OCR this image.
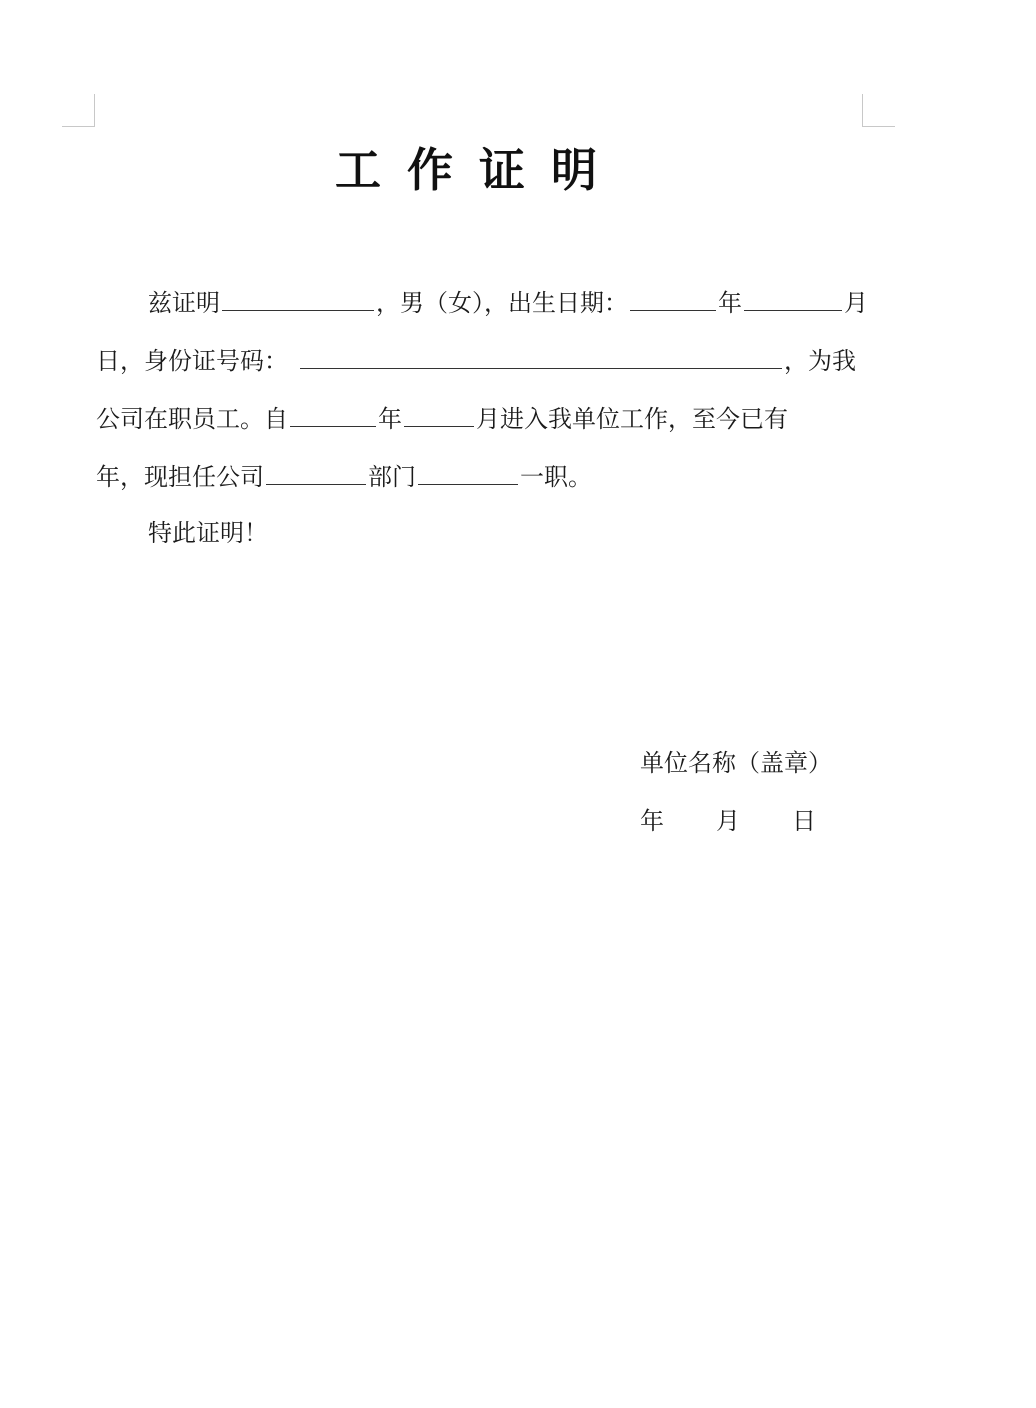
工作证明
兹证明	，男（女），出生日期：	年	月
日，身份证号码：	，为我
公司在职员工。自	年	月进入我单位工作，至今已有
年，现担任公司	部门	一职。
特此证明！
单位名称（盖章）
年 月 日
